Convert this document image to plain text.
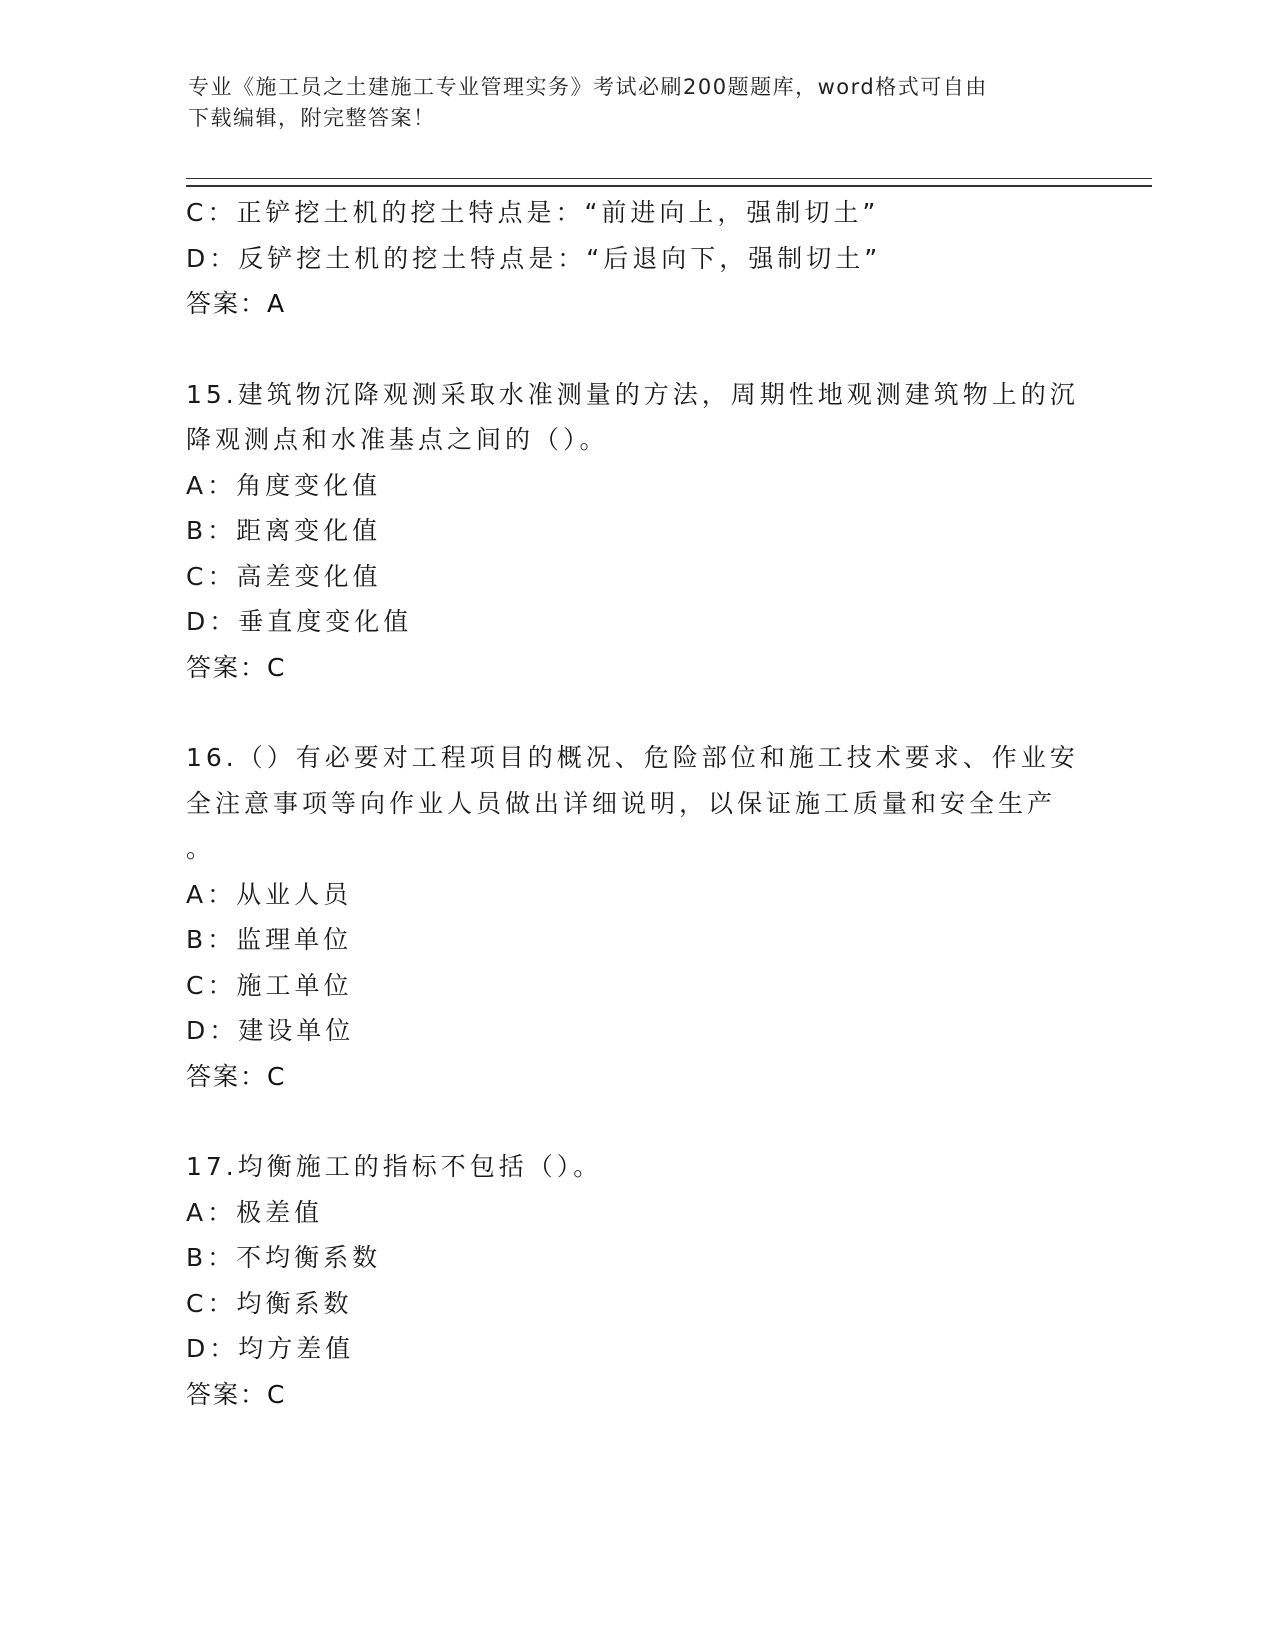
专业《施工员之土建施工专业管理实务》考试必刷200题题库，word格式可自由
下载编辑，附完整答案！
C：正铲挖土机的挖土特点是：“前进向上，强制切土”
D：反铲挖土机的挖土特点是：“后退向下，强制切土”
答案：A
15.建筑物沉降观测采取水准测量的方法，周期性地观测建筑物上的沉
降观测点和水准基点之间的（）。
A：角度变化值
B：距离变化值
C：高差变化值
D：垂直度变化值
答案：C
16.（）有必要对工程项目的概况、危险部位和施工技术要求、作业安
全注意事项等向作业人员做出详细说明，以保证施工质量和安全生产
。
A：从业人员
B：监理单位
C：施工单位
D：建设单位
答案：C
17.均衡施工的指标不包括（）。
A：极差值
B：不均衡系数
C：均衡系数
D：均方差值
答案：C
